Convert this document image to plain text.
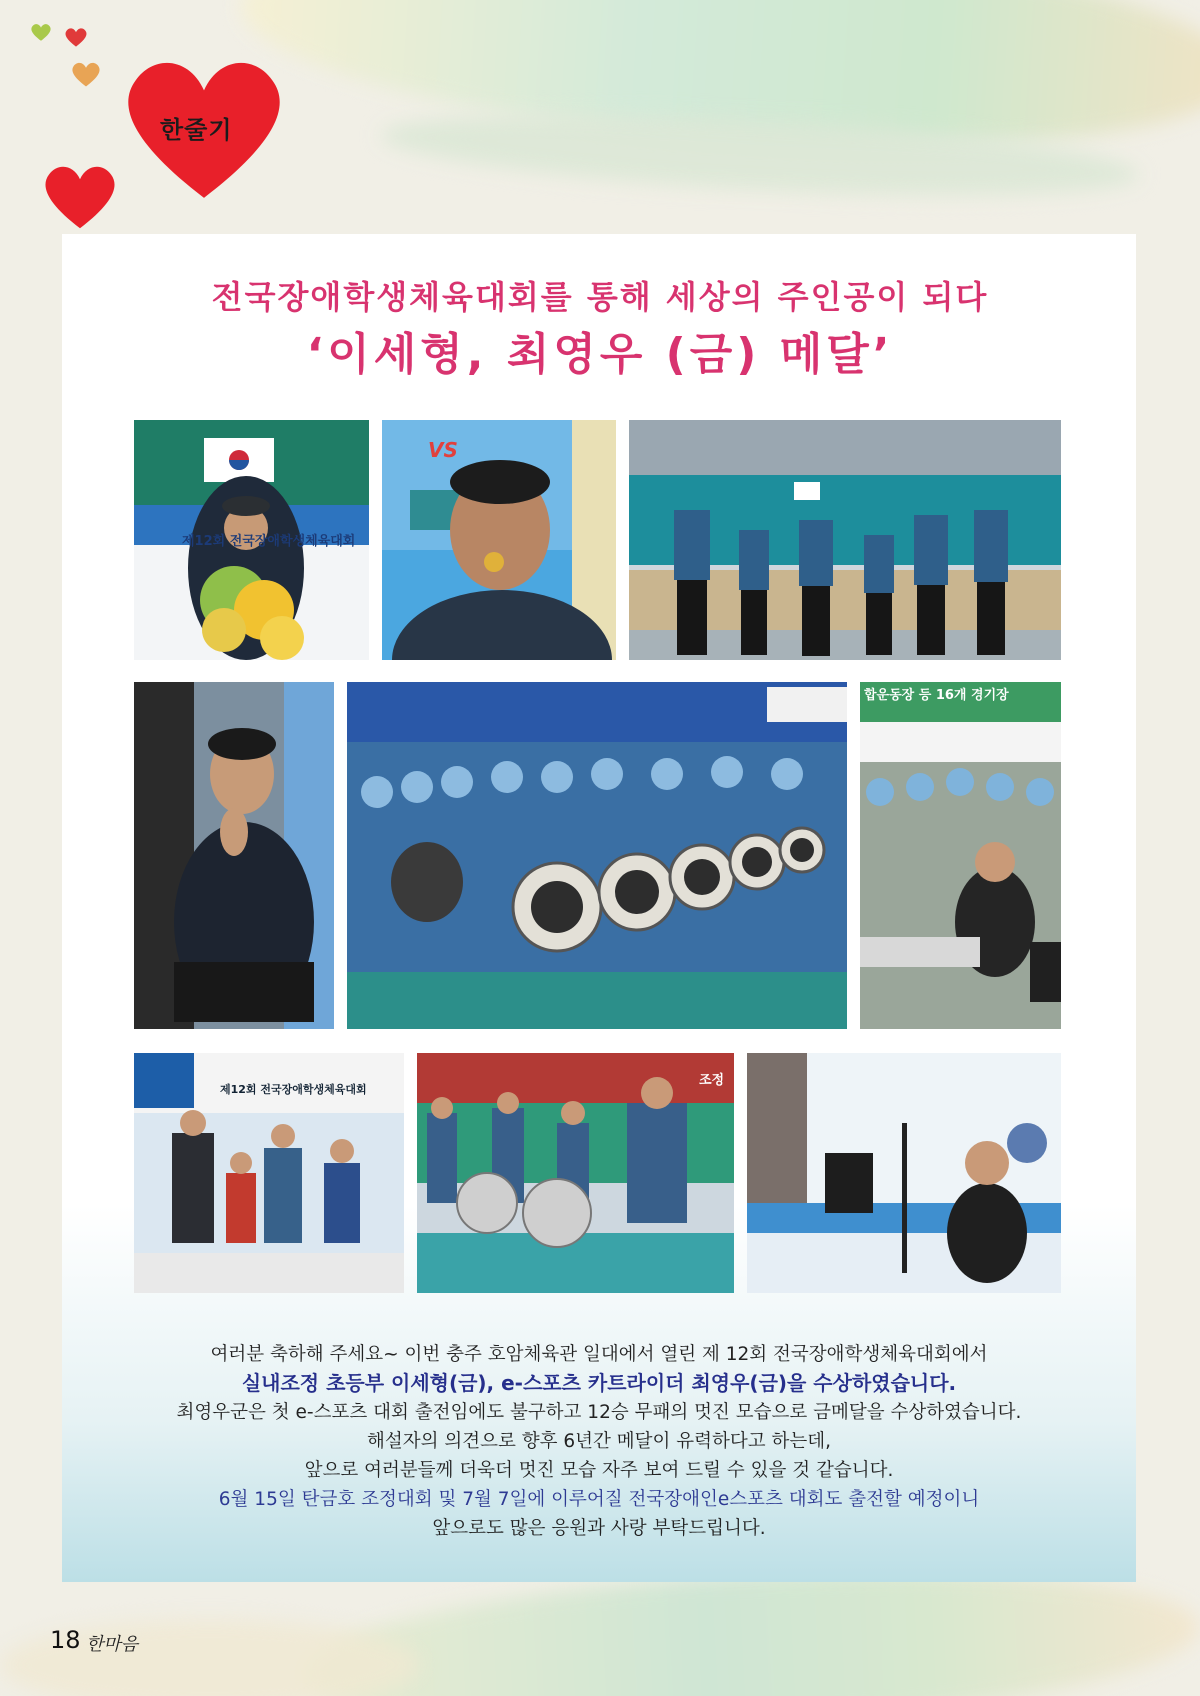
한줄기
전국장애학생체육대회를 통해 세상의 주인공이 되다
‘이세형, 최영우 (금) 메달’
제12회 전국장애학생체육대회
VS
합운동장 등 16개 경기장
제12회 전국장애학생체육대회
조정
여러분 축하해 주세요~ 이번 충주 호암체육관 일대에서 열린 제 12회 전국장애학생체육대회에서
실내조정 초등부 이세형(금), e-스포츠 카트라이더 최영우(금)을 수상하였습니다.
최영우군은 첫 e-스포츠 대회 출전임에도 불구하고 12승 무패의 멋진 모습으로 금메달을 수상하였습니다.
해설자의 의견으로 향후 6년간 메달이 유력하다고 하는데,
앞으로 여러분들께 더욱더 멋진 모습 자주 보여 드릴 수 있을 것 같습니다.
6월 15일 탄금호 조정대회 및 7월 7일에 이루어질 전국장애인e스포츠 대회도 출전할 예정이니
앞으로도 많은 응원과 사랑 부탁드립니다.
18 한마음
